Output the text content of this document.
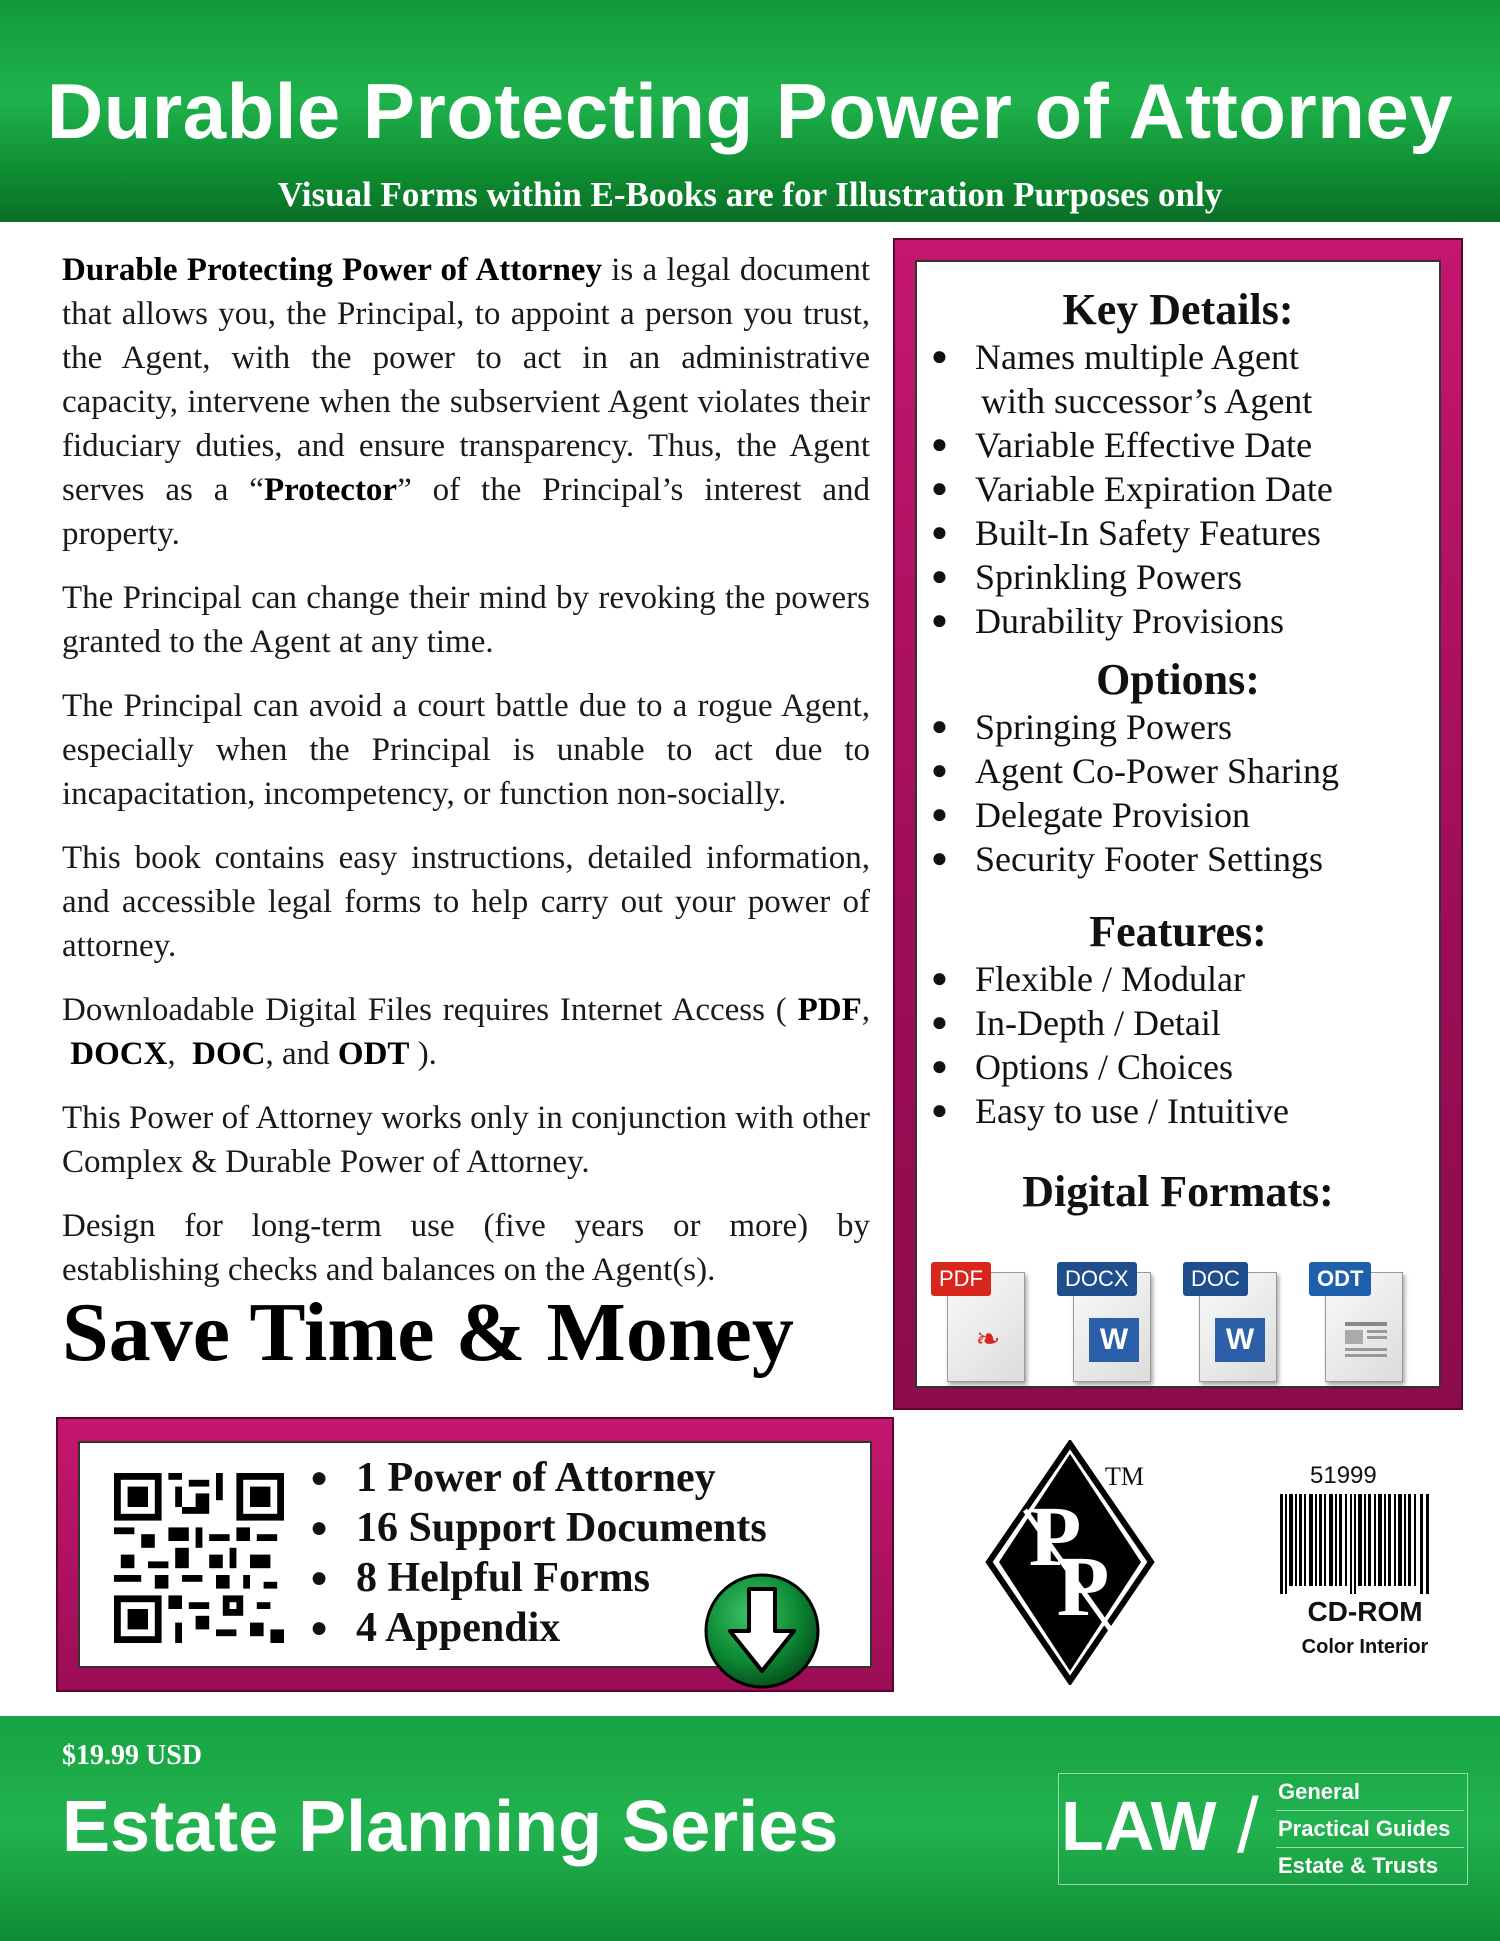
Durable Protecting Power of Attorney
Visual Forms within E-Books are for Illustration Purposes only

Durable Protecting Power of Attorney is a legal document that allows you, the Principal, to appoint a person you trust, the Agent, with the power to act in an administrative capacity, intervene when the subservient Agent violates their fiduciary duties, and ensure transparency. Thus, the Agent serves as a “Protector” of the Principal’s interest and property.

The Principal can change their mind by revoking the powers granted to the Agent at any time.

The Principal can avoid a court battle due to a rogue Agent, especially when the Principal is unable to act due to incapacitation, incompetency, or function non-socially.

This book contains easy instructions, detailed information, and accessible legal forms to help carry out your power of attorney.

Downloadable Digital Files requires Internet Access ( PDF,  DOCX,  DOC, and ODT ).

This Power of Attorney works only in conjunction with other Complex & Durable Power of Attorney.

Design for long-term use (five years or more) by establishing checks and balances on the Agent(s).

Save Time & Money
Key Details:
● Names multiple Agent
with successor’s Agent
● Variable Effective Date
● Variable Expiration Date
● Built-In Safety Features
● Sprinkling Powers
● Durability Provisions
Options:
● Springing Powers
● Agent Co-Power Sharing
● Delegate Provision
● Security Footer Settings
Features:
● Flexible / Modular
● In-Depth / Detail
● Options / Choices
● Easy to use / Intuitive
Digital Formats:
PDF
❧
DOCX
W
DOC
W
ODT
● 1 Power of Attorney
● 16 Support Documents
● 8 Helpful Forms
● 4 Appendix
P
P
TM	51999
CD-ROM
Color Interior
$19.99 USD
Estate Planning Series	LAW / General
Practical Guides
Estate & Trusts
